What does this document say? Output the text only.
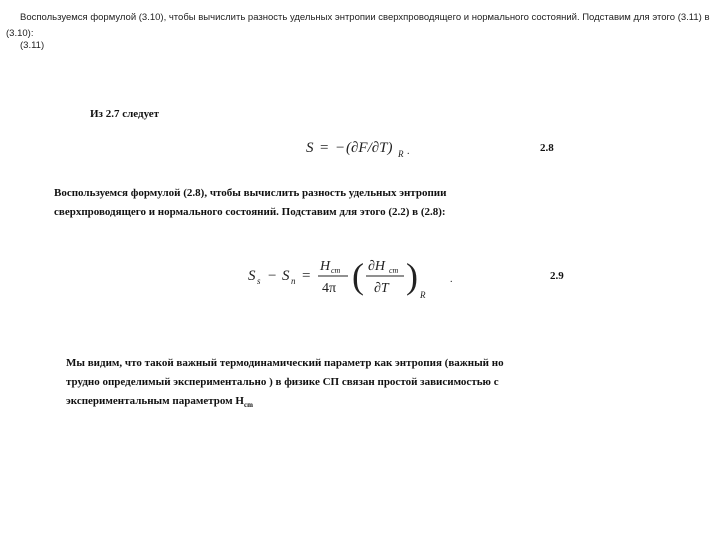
Воспользуемся формулой (3.10), чтобы вычислить разность удельных энтропии сверхпроводящего и нормального состояний. Подставим для этого (3.11) в
(3.10):
(3.11)
Из 2.7 следует
S = − (∂F/∂T) R .	2.8
Воспользуемся формулой (2.8), чтобы вычислить разность удельных энтропии
сверхпроводящего и нормального состояний. Подставим для этого (2.2) в (2.8):
S s − S n =
H cm
4π ( ∂H cm
∂T ) R
.	2.9
Мы видим, что такой важный термодинамический параметр как энтропия (важный но
трудно определимый экспериментально ) в физике СП связан простой зависимостью с
экспериментальным параметром $H_{cm}$
